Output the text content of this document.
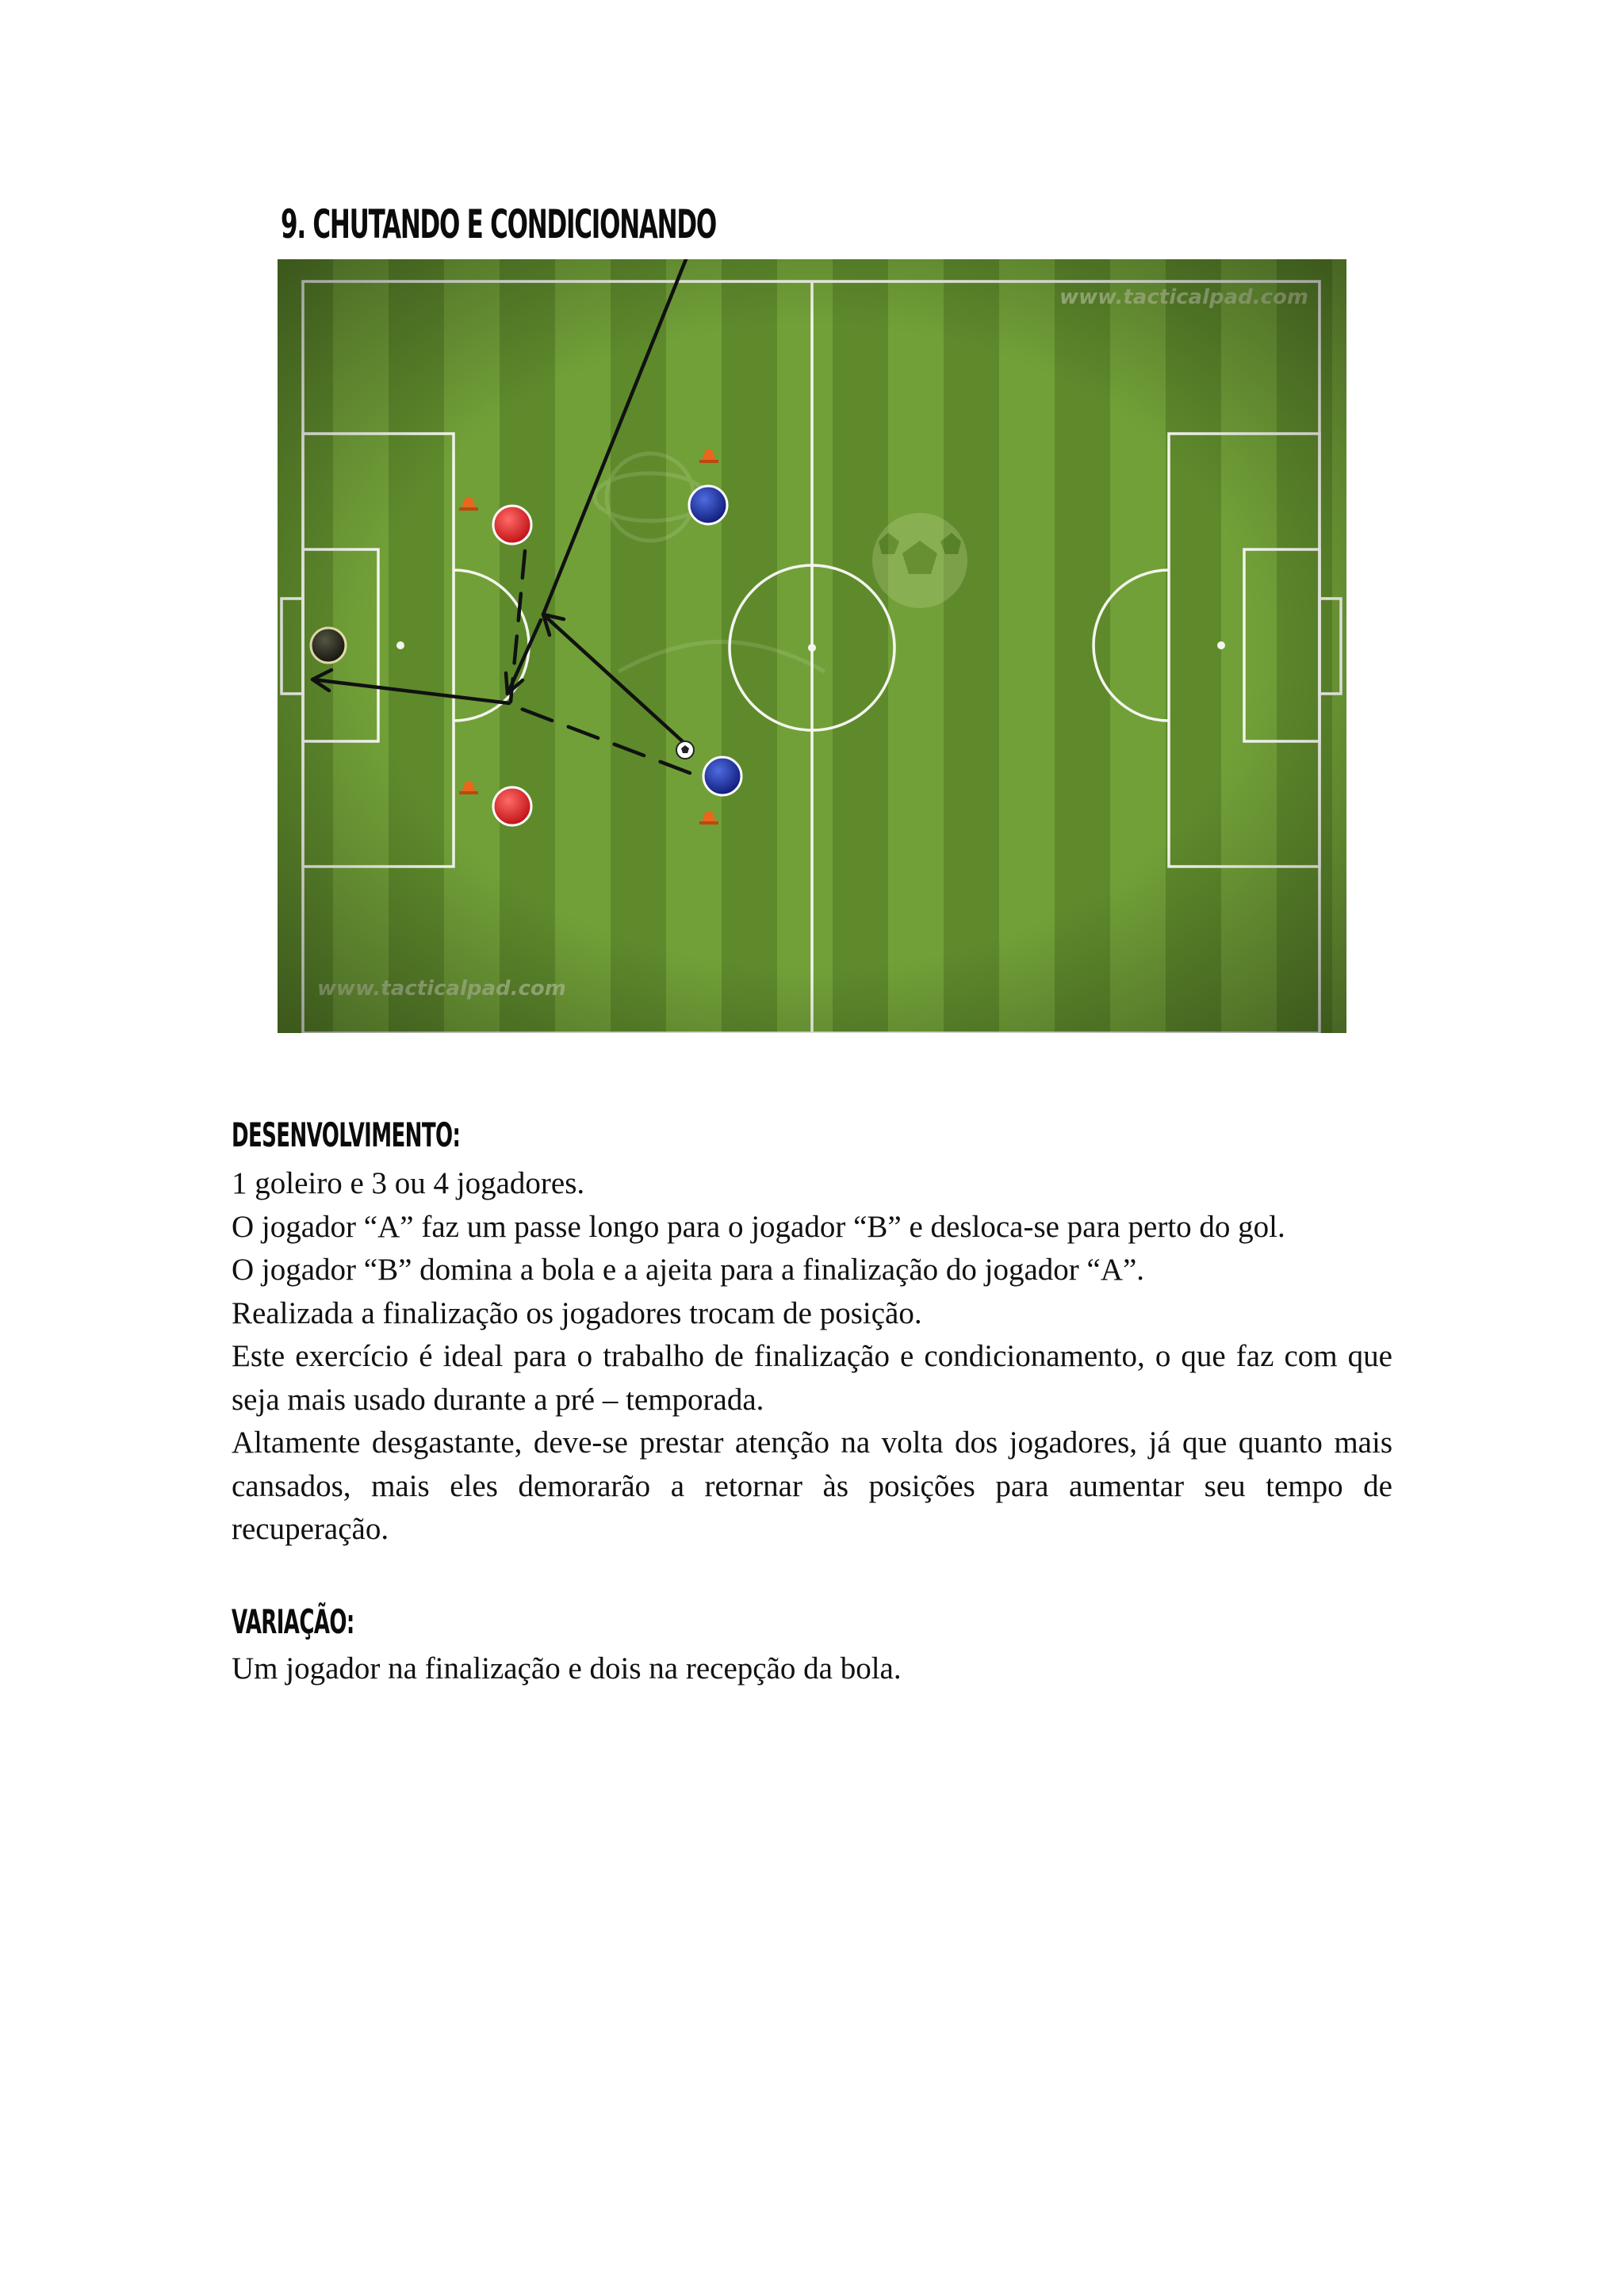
9. CHUTANDO E CONDICIONANDO
DESENVOLVIMENTO:

1 goleiro e 3 ou 4 jogadores.

O jogador “A” faz um passe longo para o jogador “B” e desloca-se para perto do gol.

O jogador “B” domina a bola e a ajeita para a finalização do jogador “A”.

Realizada a finalização os jogadores trocam de posição.

Este exercício é ideal para o trabalho de finalização e condicionamento, o que faz com que seja mais usado durante a pré – temporada.

Altamente desgastante, deve-se prestar atenção na volta dos jogadores, já que quanto mais cansados, mais eles demorarão a retornar às posições para aumentar seu tempo de recuperação.

VARIAÇÃO:

Um jogador na finalização e dois na recepção da bola.
